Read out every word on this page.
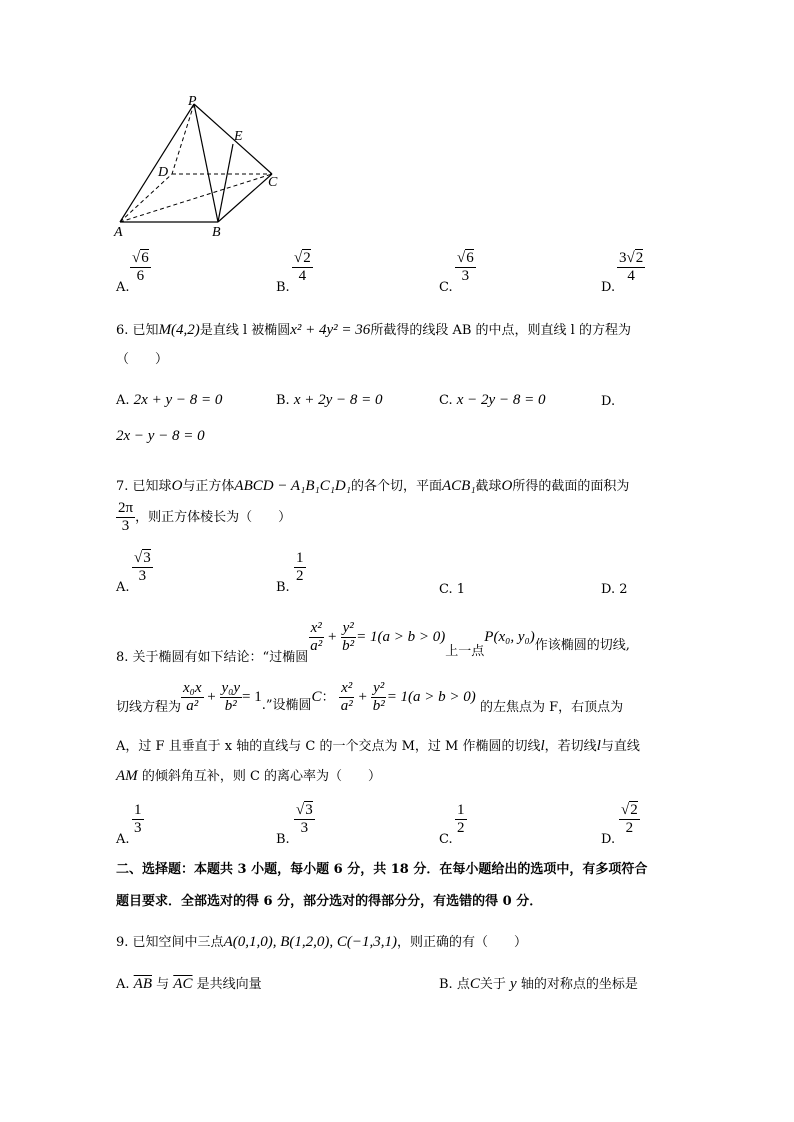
P
E
D
C
A	B
A.
$\frac{√6}{6}$
B.
$\frac{√2}{4}$
C.
$\frac{√6}{3}$
D.
$\frac{3√2}{4}$
6. 已知M(4,2)是直线 l 被椭圆x² + 4y² = 36所截得的线段 AB 的中点，则直线 l 的方程为
（　　）
A. 2x + y − 8 = 0	B. x + 2y − 8 = 0	C. x − 2y − 8 = 0	D.
2x − y − 8 = 0
7. 已知球O与正方体ABCD − A₁B₁C₁D₁的各个切，平面ACB₁截球O所得的截面的面积为
$\frac{2\pi}{3}$ ，则正方体棱长为（　　）
A.
$\frac{√3}{3}$
B.
$\frac{1}{2}$
C. 1	D. 2
8. 关于椭圆有如下结论：“过椭圆
$\frac{\text{x²}}{\text{a²}} + \frac{\text{y²}}{\text{b²}} = 1(a > b > 0)$上一点P(x₀, y₀)作该椭圆的切线,
切线方程为 $\frac{\text{x₀x}}{\text{a²}} + \frac{\text{y₀y}}{\text{b²}} = 1$.”设椭圆C： $\frac{\text{x²}}{\text{a²}} + \frac{\text{y²}}{\text{b²}} = 1(a > b > 0)$ 的左焦点为 F，右顶点为
A，过 F 且垂直于 x 轴的直线与 C 的一个交点为 M，过 M 作椭圆的切线l，若切线l与直线
AM 的倾斜角互补，则 C 的离心率为（　　）
A.
$\frac{1}{3}$
B.
$\frac{√3}{3}$
C.
$\frac{1}{2}$
D.
$\frac{√2}{2}$
二、选择题：本题共 3 小题，每小题 6 分，共 18 分．在每小题给出的选项中，有多项符合
题目要求．全部选对的得 6 分，部分选对的得部分分，有选错的得 0 分．
9. 已知空间中三点A(0,1,0), B(1,2,0), C(−1,3,1)，则正确的有（　　）
A. $\overline{AB}$ 与 $\overline{AC}$ 是共线向量	B. 点C关于 y 轴的对称点的坐标是
